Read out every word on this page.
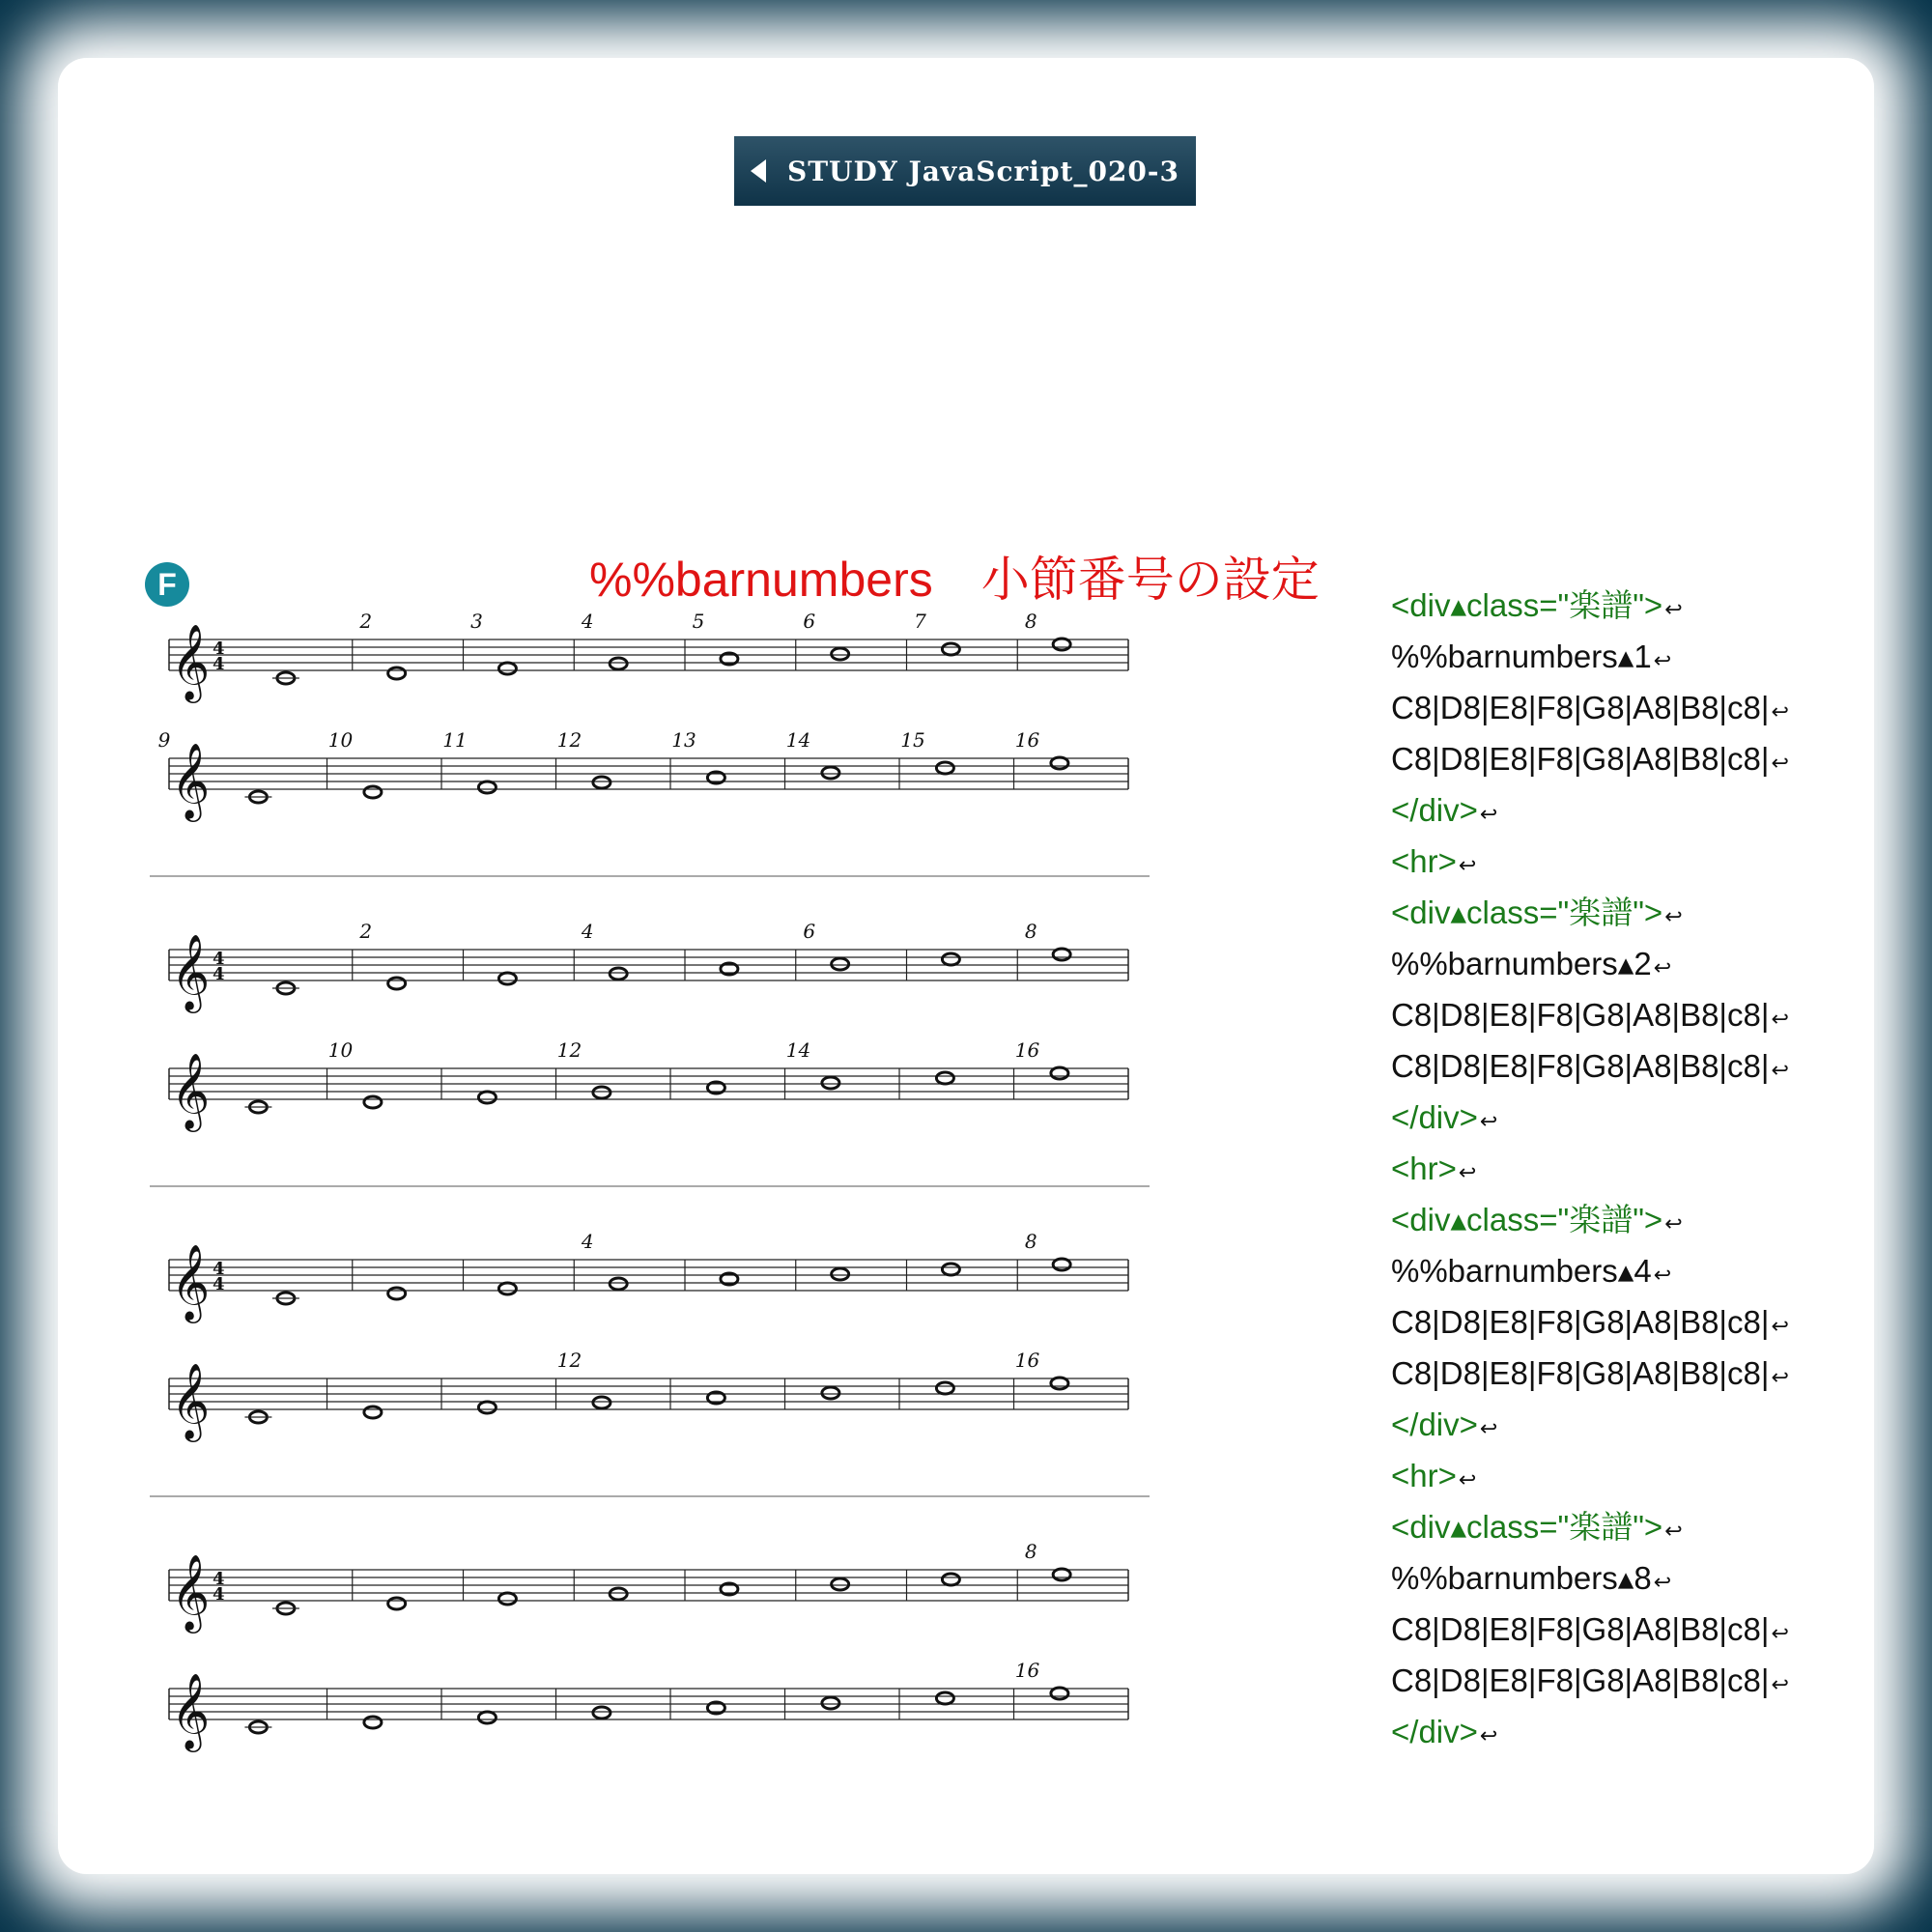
STUDY JavaScript_020-3
%%barnumbers　小節番号の設定
F
𝄞 4
4
2	3	4	5	6	7	8
𝄞
10	11	12	13	14	15	16
9
𝄞 4
4
2	4	6	8
𝄞
10	12	14	16
𝄞 4
4
4	8
𝄞
12	16
𝄞 4
4
8
𝄞
16
<div▴class="楽譜">↩
%%barnumbers▴1↩
C8|D8|E8|F8|G8|A8|B8|c8|↩
C8|D8|E8|F8|G8|A8|B8|c8|↩
</div>↩
<hr>↩
<div▴class="楽譜">↩
%%barnumbers▴2↩
C8|D8|E8|F8|G8|A8|B8|c8|↩
C8|D8|E8|F8|G8|A8|B8|c8|↩
</div>↩
<hr>↩
<div▴class="楽譜">↩
%%barnumbers▴4↩
C8|D8|E8|F8|G8|A8|B8|c8|↩
C8|D8|E8|F8|G8|A8|B8|c8|↩
</div>↩
<hr>↩
<div▴class="楽譜">↩
%%barnumbers▴8↩
C8|D8|E8|F8|G8|A8|B8|c8|↩
C8|D8|E8|F8|G8|A8|B8|c8|↩
</div>↩
